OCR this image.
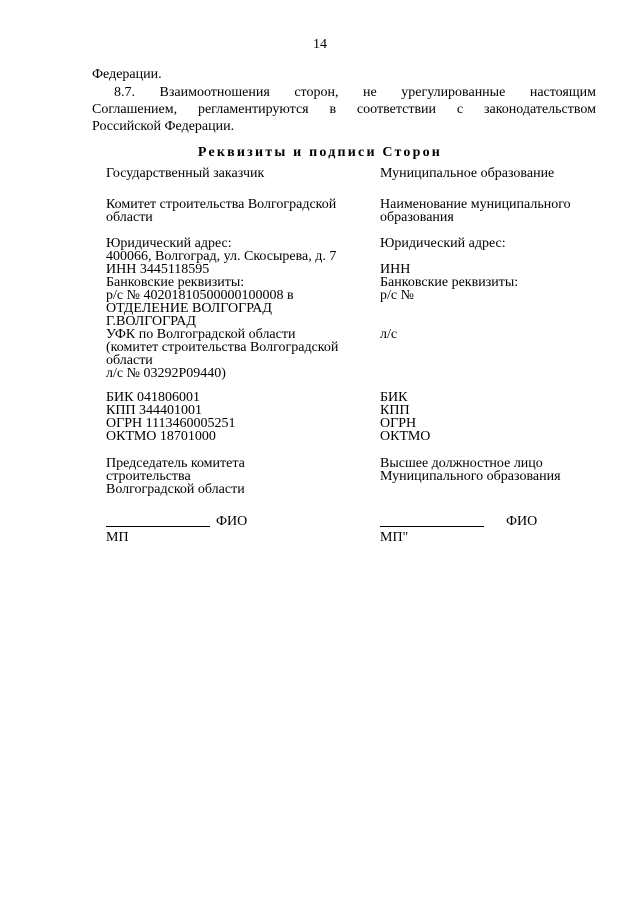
14
Федерации.
8.7. Взаимоотношения сторон, не урегулированные настоящим
Соглашением, регламентируются в соответствии с законодательством
Российской Федерации.
Реквизиты и подписи Сторон
Государственный заказчик
Комитет строительства Волгоградской
области
Юридический адрес:
400066, Волгоград, ул. Скосырева, д. 7
ИНН 3445118595
Банковские реквизиты:
р/с № 40201810500000100008 в
ОТДЕЛЕНИЕ ВОЛГОГРАД
Г.ВОЛГОГРАД
УФК по Волгоградской области
(комитет строительства Волгоградской
области
л/с № 03292Р09440)
БИК 041806001
КПП 344401001
ОГРН 1113460005251
ОКТМО 18701000
Председатель комитета
строительства
Волгоградской области
ФИО
МП
Муниципальное образование
Наименование муниципального
образования
Юридический адрес:
ИНН
Банковские реквизиты:
р/с №
л/с
БИК
КПП
ОГРН
ОКТМО
Высшее должностное лицо
Муниципального образования
ФИО
МП"
